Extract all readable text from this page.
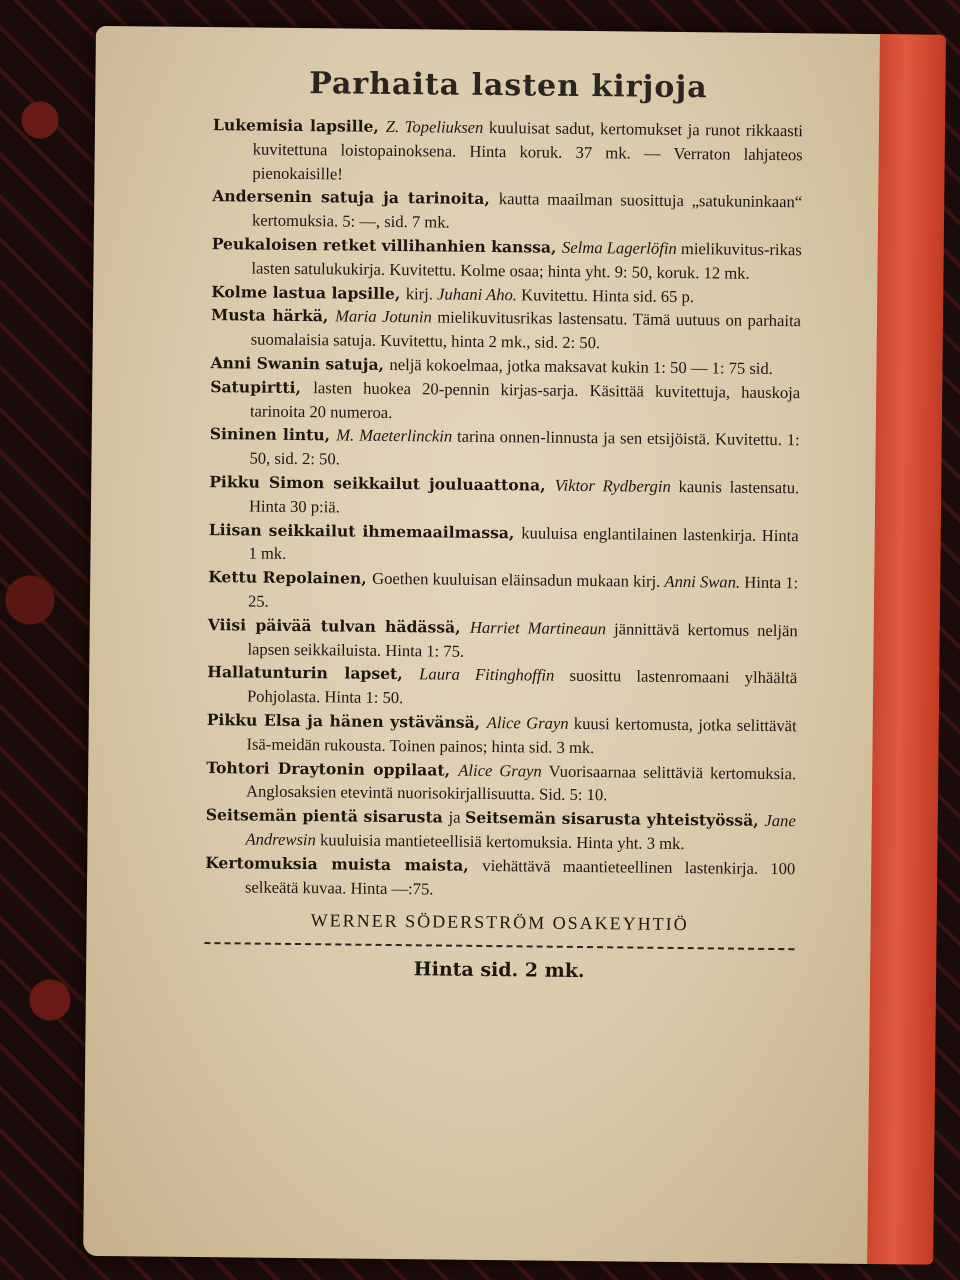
Parhaita lasten kirjoja
Lukemisia lapsille, Z. Topeliuksen kuuluisat sadut, kertomukset ja runot rikkaasti kuvitettuna loistopainoksena. Hinta koruk. 37 mk. — Verraton lahjateos pienokaisille!
Andersenin satuja ja tarinoita, kautta maailman suosittuja „satukuninkaan“ kertomuksia. 5: —, sid. 7 mk.
Peukaloisen retket villihanhien kanssa, Selma Lagerlöfin mielikuvitus-rikas lasten satulukukirja. Kuvitettu. Kolme osaa; hinta yht. 9: 50, koruk. 12 mk.
Kolme lastua lapsille, kirj. Juhani Aho. Kuvitettu. Hinta sid. 65 p.
Musta härkä, Maria Jotunin mielikuvitusrikas lastensatu. Tämä uutuus on parhaita suomalaisia satuja. Kuvitettu, hinta 2 mk., sid. 2: 50.
Anni Swanin satuja, neljä kokoelmaa, jotka maksavat kukin 1: 50 — 1: 75 sid.
Satupirtti, lasten huokea 20-pennin kirjas-sarja. Käsittää kuvitettuja, hauskoja tarinoita 20 numeroa.
Sininen lintu, M. Maeterlinckin tarina onnen-linnusta ja sen etsijöistä. Kuvitettu. 1: 50, sid. 2: 50.
Pikku Simon seikkailut jouluaattona, Viktor Rydbergin kaunis lastensatu. Hinta 30 p:iä.
Liisan seikkailut ihmemaailmassa, kuuluisa englantilainen lastenkirja. Hinta 1 mk.
Kettu Repolainen, Goethen kuuluisan eläinsadun mukaan kirj. Anni Swan. Hinta 1: 25.
Viisi päivää tulvan hädässä, Harriet Martineaun jännittävä kertomus neljän lapsen seikkailuista. Hinta 1: 75.
Hallatunturin lapset, Laura Fitinghoffin suosittu lastenromaani ylhäältä Pohjolasta. Hinta 1: 50.
Pikku Elsa ja hänen ystävänsä, Alice Grayn kuusi kertomusta, jotka selittävät Isä-meidän rukousta. Toinen painos; hinta sid. 3 mk.
Tohtori Draytonin oppilaat, Alice Grayn Vuorisaarnaa selittäviä kertomuksia. Anglosaksien etevintä nuorisokirjallisuutta. Sid. 5: 10.
Seitsemän pientä sisarusta ja Seitsemän sisarusta yhteistyössä, Jane Andrewsin kuuluisia mantieteellisiä kertomuksia. Hinta yht. 3 mk.
Kertomuksia muista maista, viehättävä maantieteellinen lastenkirja. 100 selkeätä kuvaa. Hinta —:75.
WERNER SÖDERSTRÖM OSAKEYHTIÖ
Hinta sid. 2 mk.
